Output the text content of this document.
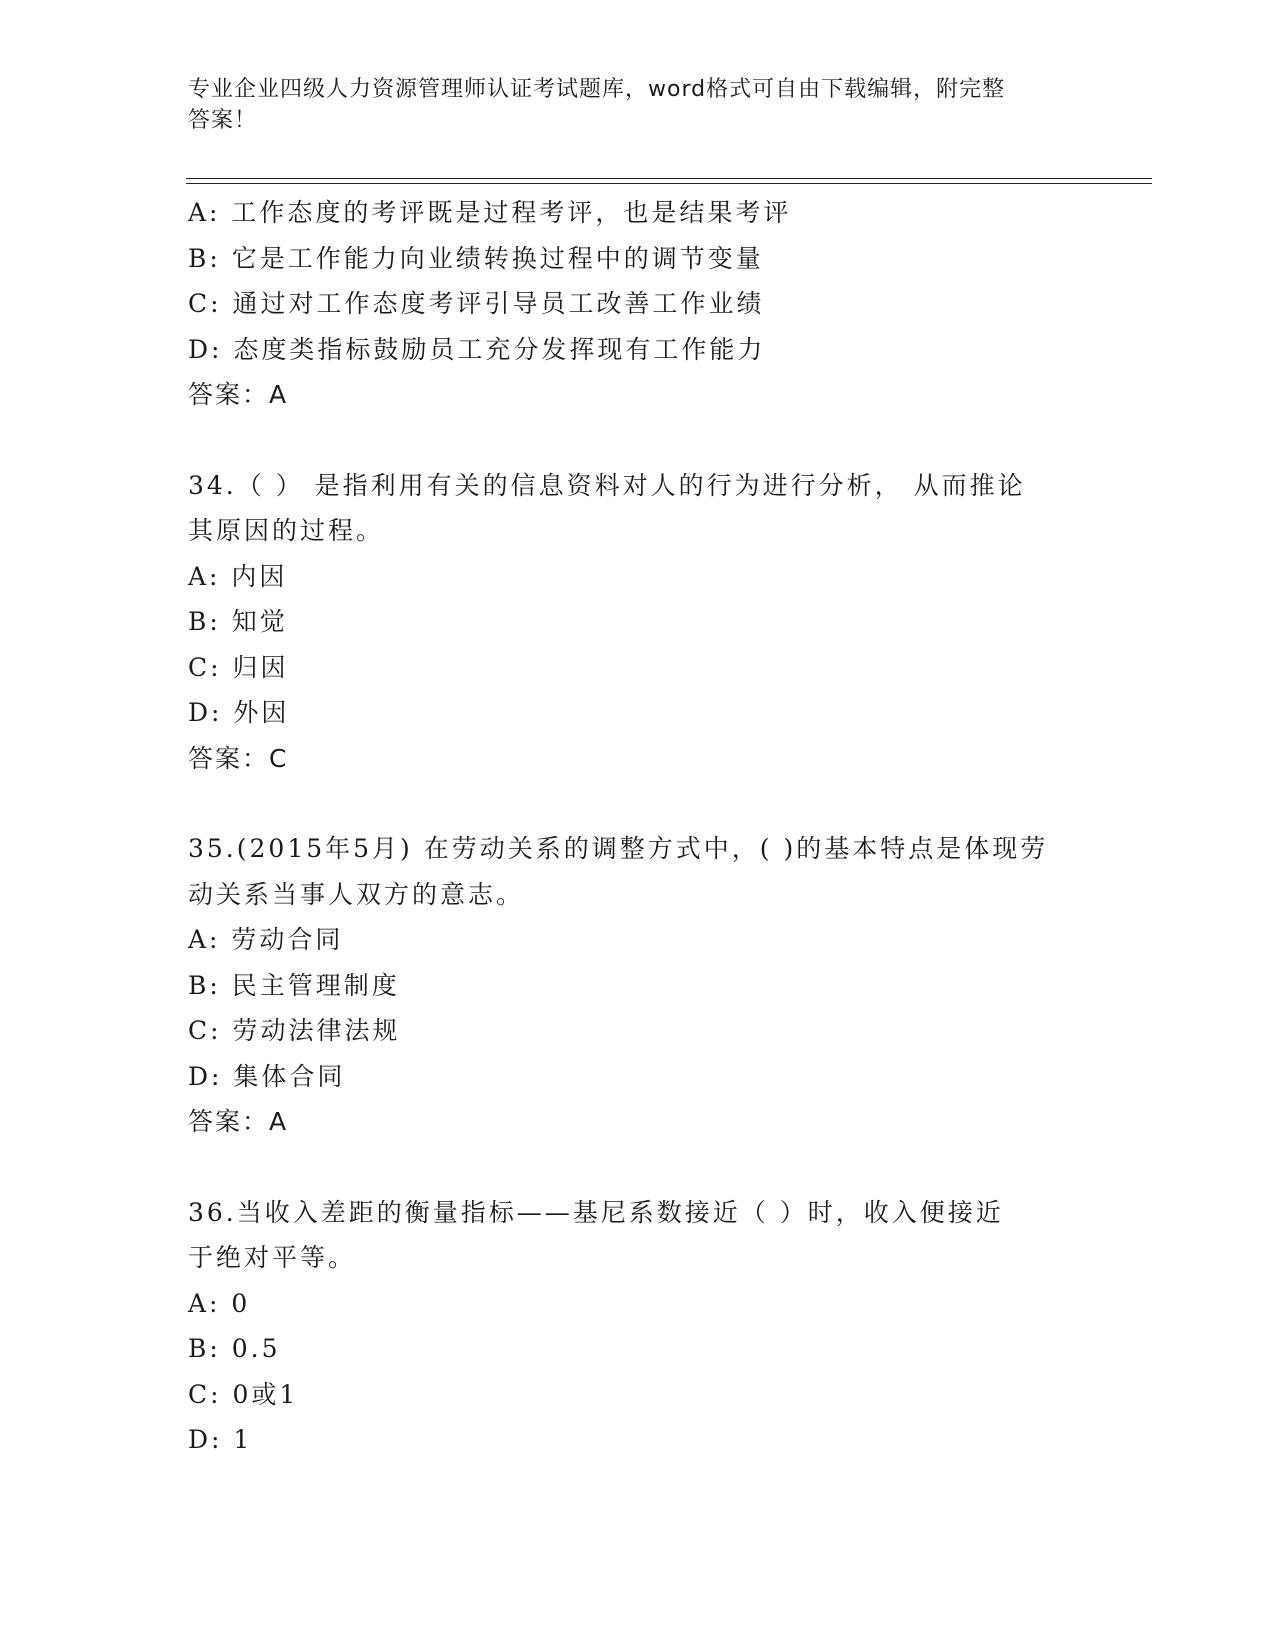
专业企业四级人力资源管理师认证考试题库，word格式可自由下载编辑，附完整
答案！
A: 工作态度的考评既是过程考评，也是结果考评
B: 它是工作能力向业绩转换过程中的调节变量
C: 通过对工作态度考评引导员工改善工作业绩
D: 态度类指标鼓励员工充分发挥现有工作能力
答案：A
34.（ ） 是指利用有关的信息资料对人的行为进行分析， 从而推论
其原因的过程。
A: 内因
B: 知觉
C: 归因
D: 外因
答案：C
35.(2015年5月) 在劳动关系的调整方式中，( )的基本特点是体现劳
动关系当事人双方的意志。
A: 劳动合同
B: 民主管理制度
C: 劳动法律法规
D: 集体合同
答案：A
36.当收入差距的衡量指标——基尼系数接近（ ）时，收入便接近
于绝对平等。
A: 0
B: 0.5
C: 0或1
D: 1
